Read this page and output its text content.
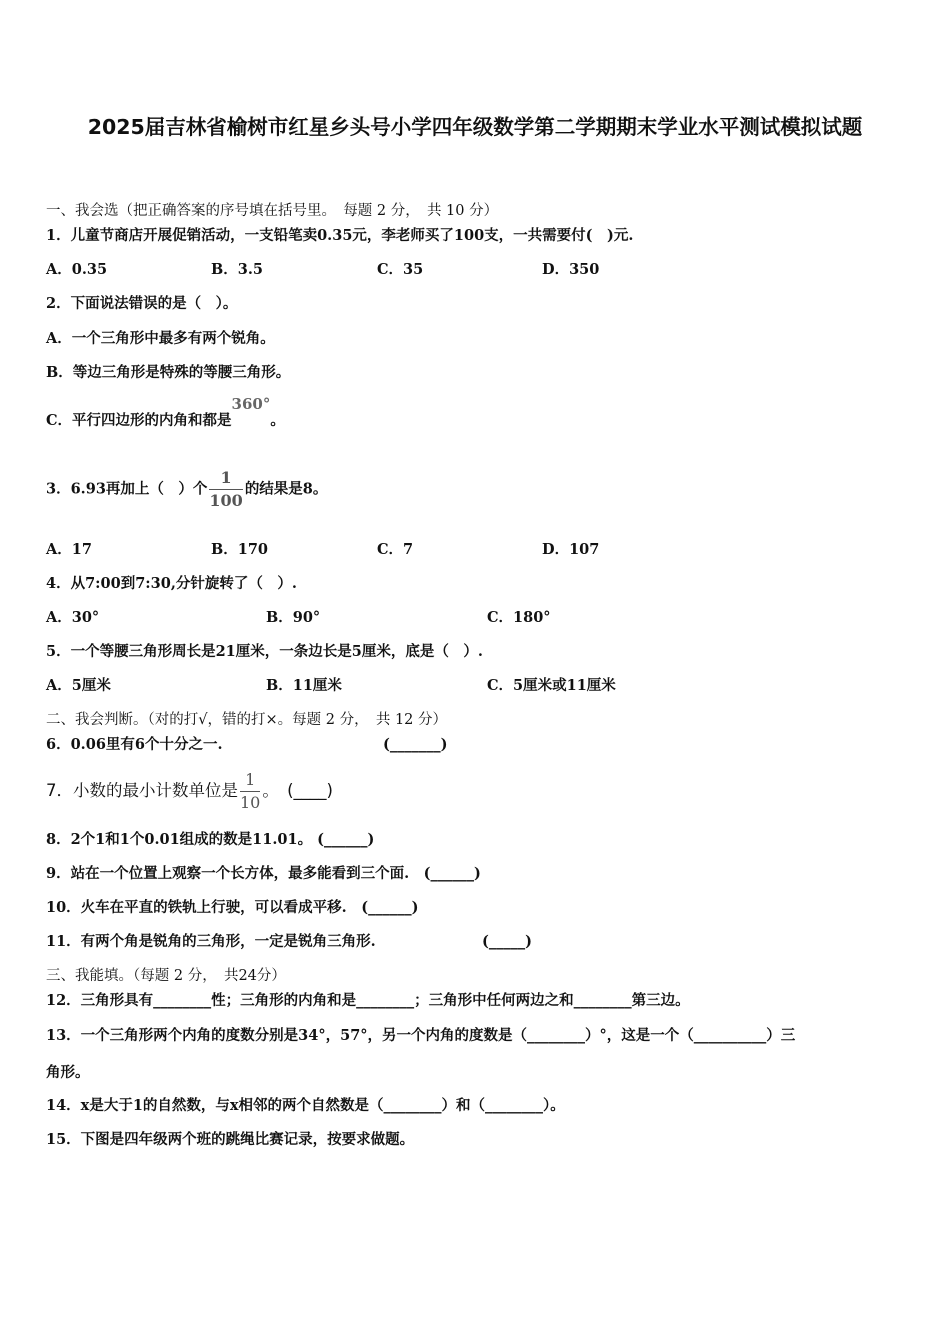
2025届吉林省榆树市红星乡头号小学四年级数学第二学期期末学业水平测试模拟试题
一、我会选（把正确答案的序号填在括号里。　每题 2 分，　共 10 分）
1．儿童节商店开展促销活动，一支铅笔卖0.35元，李老师买了100支，一共需要付(　)元.
A．0.35	B．3.5	C．35	D．350
2．下面说法错误的是（　）。
A．一个三角形中最多有两个锐角。
B．等边三角形是特殊的等腰三角形。
C．平行四边形的内角和都是360°。
3．6.93再加上（　）个 $\frac{1}{100}$ 的结果是8。
A．17	B．170	C．7	D．107
4．从7:00到7:30,分针旋转了（　）.
A．30°	B．90°	C．180°
5．一个等腰三角形周长是21厘米，一条边长是5厘米，底是（　）.
A．5厘米	B．11厘米	C．5厘米或11厘米
二、我会判断。（对的打√，错的打×。每题 2 分，　共 12 分）
6．0.06里有6个十分之一.	(_______)
7．小数的最小计数单位是 $\frac{1}{10}$ 。　(____)
8．2个1和1个0.01组成的数是11.01。 (______)
9．站在一个位置上观察一个长方体，最多能看到三个面.　(______)
10．火车在平直的铁轨上行驶，可以看成平移.　(______)
11．有两个角是锐角的三角形，一定是锐角三角形.	(_____)
三、我能填。（每题 2 分，　共24分）
12．三角形具有________性；三角形的内角和是________；三角形中任何两边之和________第三边。
13．一个三角形两个内角的度数分别是34°，57°，另一个内角的度数是（________）°，这是一个（__________）三
角形。
14．x是大于1的自然数，与x相邻的两个自然数是（________）和（________）。
15．下图是四年级两个班的跳绳比赛记录，按要求做题。
